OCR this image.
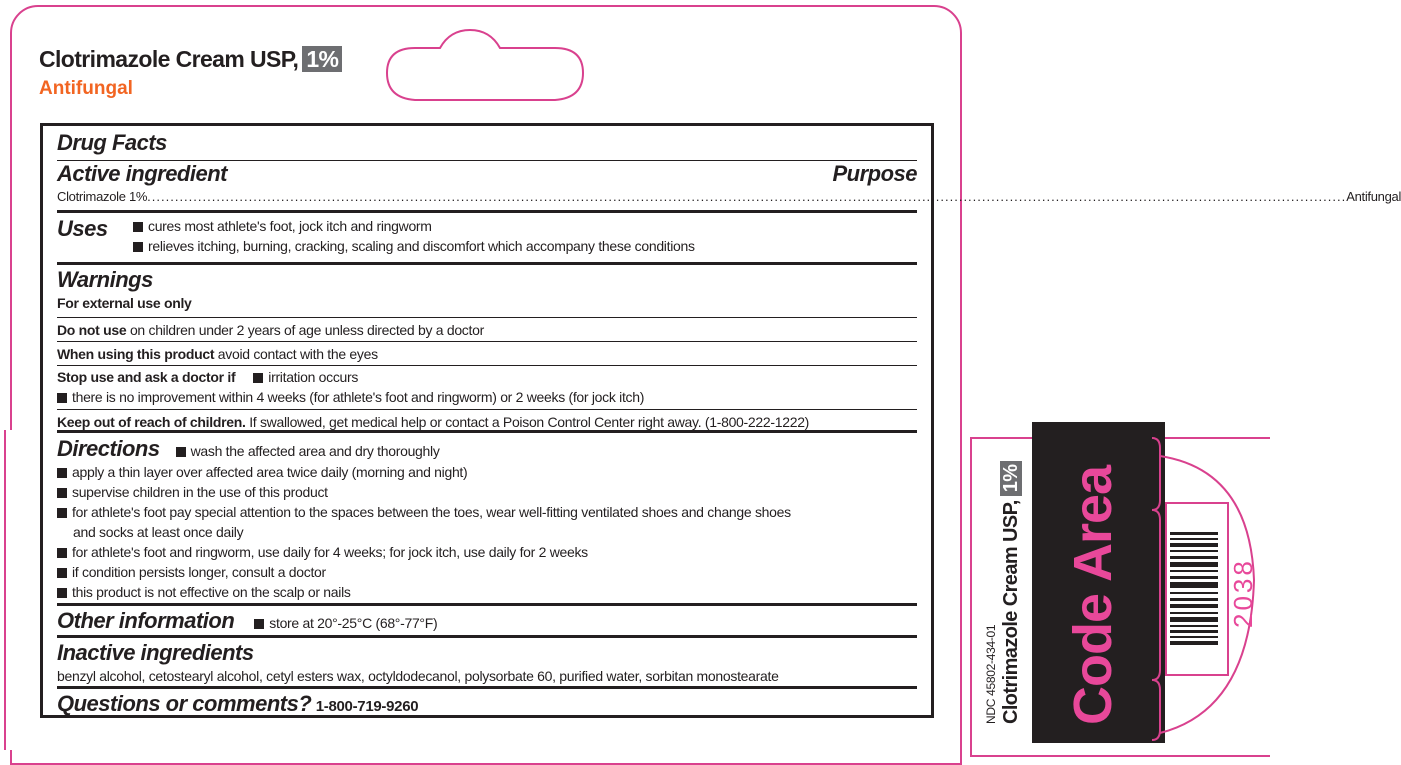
Clotrimazole Cream USP, 1%
Antifungal
Drug Facts
Active ingredient	Purpose
Clotrimazole 1% .................................................................................................................................................................................................................................................................... Antifungal
Uses	cures most athlete's foot, jock itch and ringworm
relieves itching, burning, cracking, scaling and discomfort which accompany these conditions
Warnings
For external use only
Do not use on children under 2 years of age unless directed by a doctor
When using this product avoid contact with the eyes
Stop use and ask a doctor if irritation occurs
there is no improvement within 4 weeks (for athlete's foot and ringworm) or 2 weeks (for jock itch)
Keep out of reach of children. If swallowed, get medical help or contact a Poison Control Center right away. (1-800-222-1222)
Directions wash the affected area and dry thoroughly
apply a thin layer over affected area twice daily (morning and night)
supervise children in the use of this product
for athlete's foot pay special attention to the spaces between the toes, wear well-fitting ventilated shoes and change shoes
and socks at least once daily
for athlete's foot and ringworm, use daily for 4 weeks; for jock itch, use daily for 2 weeks
if condition persists longer, consult a doctor
this product is not effective on the scalp or nails
Other information	store at 20°-25°C (68°-77°F)
Inactive ingredients
benzyl alcohol, cetostearyl alcohol, cetyl esters wax, octyldodecanol, polysorbate 60, purified water, sorbitan monostearate
Questions or comments? 1-800-719-9260	NDC 45802-434-01 Clotrimazole Cream USP,1% Code Area	2038
